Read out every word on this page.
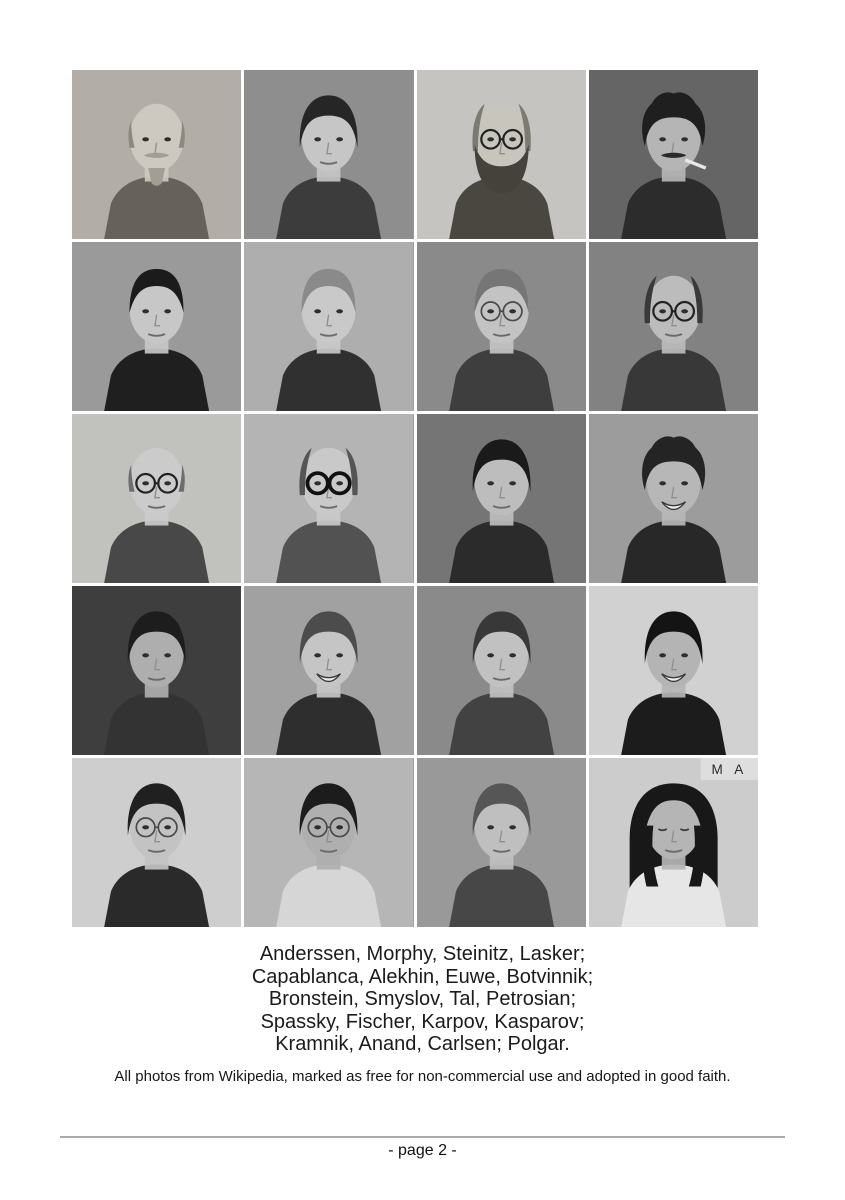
M A
Anderssen, Morphy, Steinitz, Lasker;
Capablanca, Alekhin, Euwe, Botvinnik;
Bronstein, Smyslov, Tal, Petrosian;
Spassky, Fischer, Karpov, Kasparov;
Kramnik, Anand, Carlsen; Polgar.
All photos from Wikipedia, marked as free for non-commercial use and adopted in good faith.
- page 2 -
